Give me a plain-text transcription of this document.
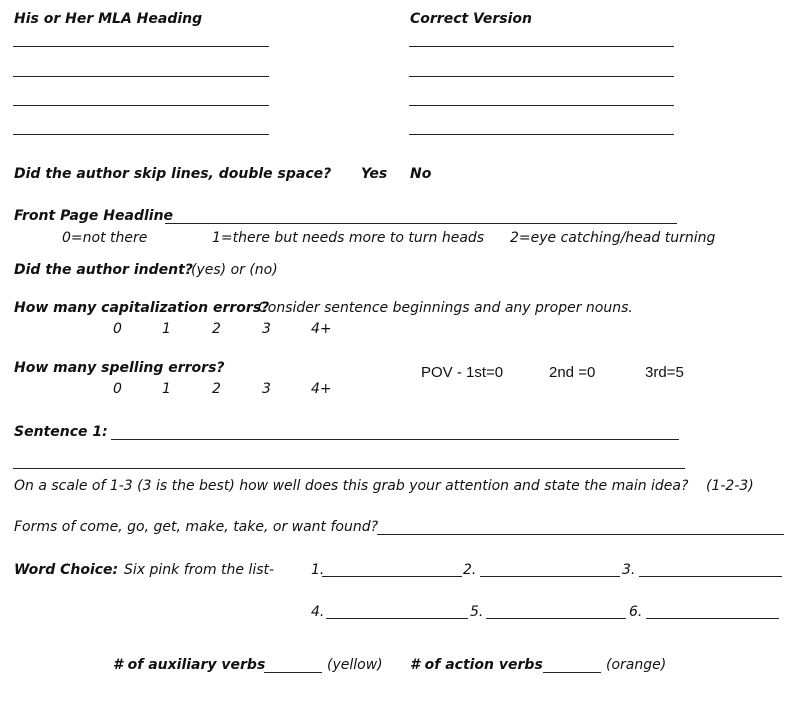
His or Her MLA Heading	Correct Version
Did the author skip lines, double space? Yes No
Front Page Headline
0=not there	1=there but needs more to turn heads 2=eye catching/head turning
Did the author indent?
(yes) or (no)
How many capitalization errors?
Consider sentence beginnings and any proper nouns.
0	1	2	3	4+
How many spelling errors?
0	1	2	3	4+
POV - 1st=0	2nd =0	3rd=5
Sentence 1:
On a scale of 1-3 (3 is the best) how well does this grab your attention and state the main idea? (1-2-3)
Forms of come, go, get, make, take, or want found?
Word Choice: Six pink from the list-	1.	2.	3.
4.	5.	6.
# of auxiliary verbs	(yellow) # of action verbs	(orange)
